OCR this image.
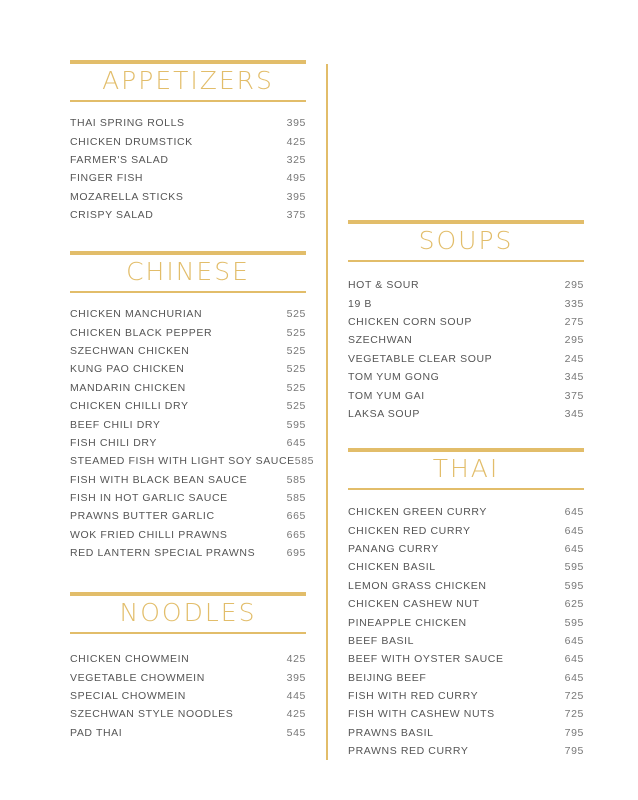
APPETIZERS
THAI SPRING ROLLS	395
CHICKEN DRUMSTICK	425
FARMER'S SALAD	325
FINGER FISH	495
MOZARELLA STICKS	395
CRISPY SALAD	375
CHINESE
CHICKEN MANCHURIAN	525
CHICKEN BLACK PEPPER	525
SZECHWAN CHICKEN	525
KUNG PAO CHICKEN	525
MANDARIN CHICKEN	525
CHICKEN CHILLI DRY	525
BEEF CHILI DRY	595
FISH CHILI DRY	645
STEAMED FISH WITH LIGHT SOY SAUCE 585
FISH WITH BLACK BEAN SAUCE	585
FISH IN HOT GARLIC SAUCE	585
PRAWNS BUTTER GARLIC	665
WOK FRIED CHILLI PRAWNS	665
RED LANTERN SPECIAL PRAWNS	695
NOODLES
CHICKEN CHOWMEIN	425
VEGETABLE CHOWMEIN	395
SPECIAL CHOWMEIN	445
SZECHWAN STYLE NOODLES	425
PAD THAI	545
SOUPS
HOT & SOUR	295
19 B	335
CHICKEN CORN SOUP	275
SZECHWAN	295
VEGETABLE CLEAR SOUP	245
TOM YUM GONG	345
TOM YUM GAI	375
LAKSA SOUP	345
THAI
CHICKEN GREEN CURRY	645
CHICKEN RED CURRY	645
PANANG CURRY	645
CHICKEN BASIL	595
LEMON GRASS CHICKEN	595
CHICKEN CASHEW NUT	625
PINEAPPLE CHICKEN	595
BEEF BASIL	645
BEEF WITH OYSTER SAUCE	645
BEIJING BEEF	645
FISH WITH RED CURRY	725
FISH WITH CASHEW NUTS	725
PRAWNS BASIL	795
PRAWNS RED CURRY	795
